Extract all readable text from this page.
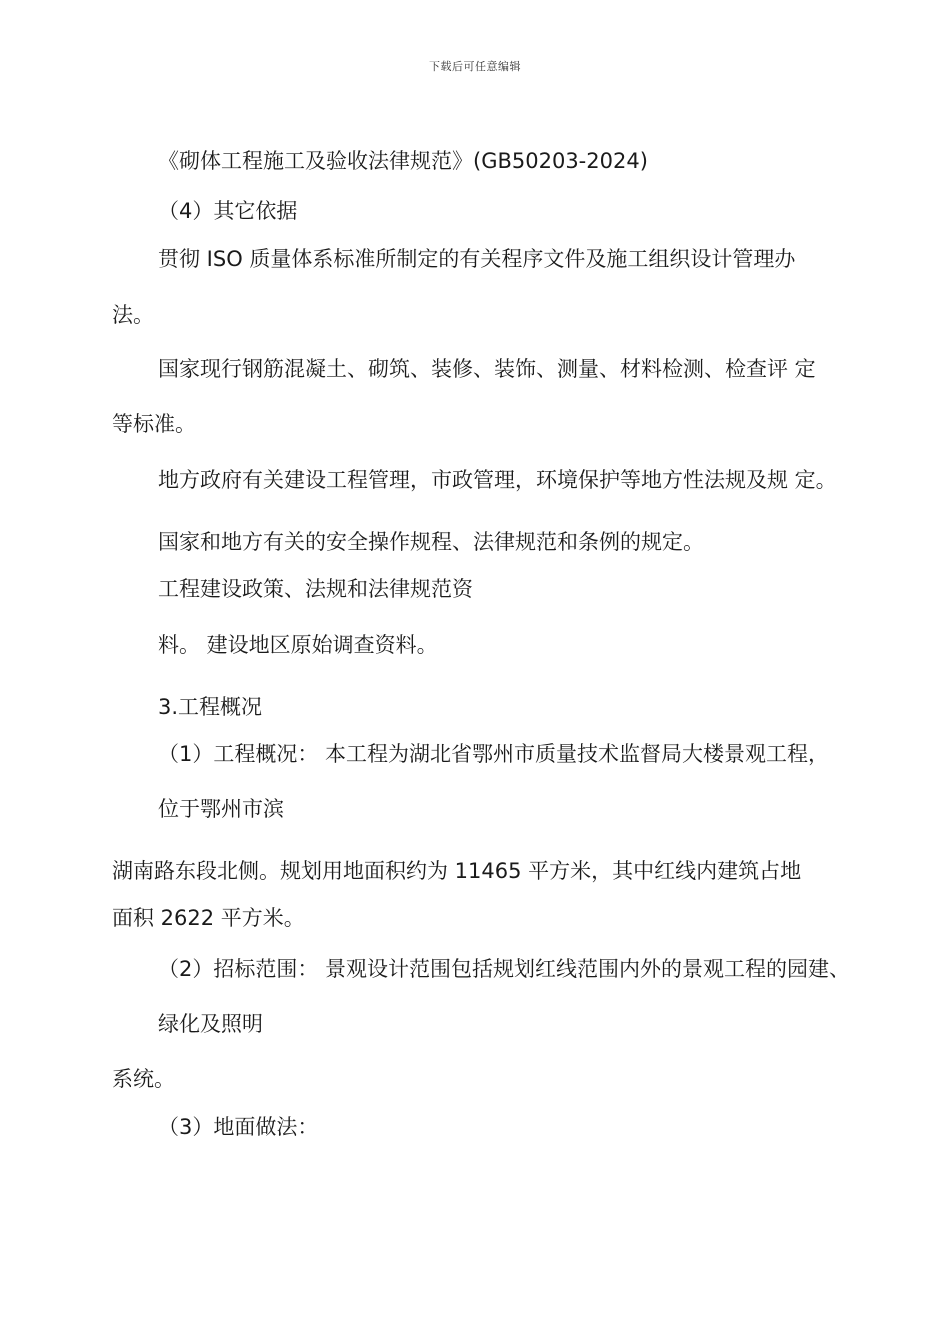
下载后可任意编辑
《砌体工程施工及验收法律规范》(GB50203-2024)
（4）其它依据
贯彻 ISO 质量体系标准所制定的有关程序文件及施工组织设计管理办
法。
国家现行钢筋混凝土、砌筑、装修、装饰、测量、材料检测、检查评 定
等标准。
地方政府有关建设工程管理，市政管理，环境保护等地方性法规及规 定。
国家和地方有关的安全操作规程、法律规范和条例的规定。
工程建设政策、法规和法律规范资
料。 建设地区原始调查资料。
3.工程概况
（1）工程概况： 本工程为湖北省鄂州市质量技术监督局大楼景观工程，
位于鄂州市滨
湖南路东段北侧。规划用地面积约为 11465 平方米，其中红线内建筑占地
面积 2622 平方米。
（2）招标范围： 景观设计范围包括规划红线范围内外的景观工程的园建、
绿化及照明
系统。
（3）地面做法：
